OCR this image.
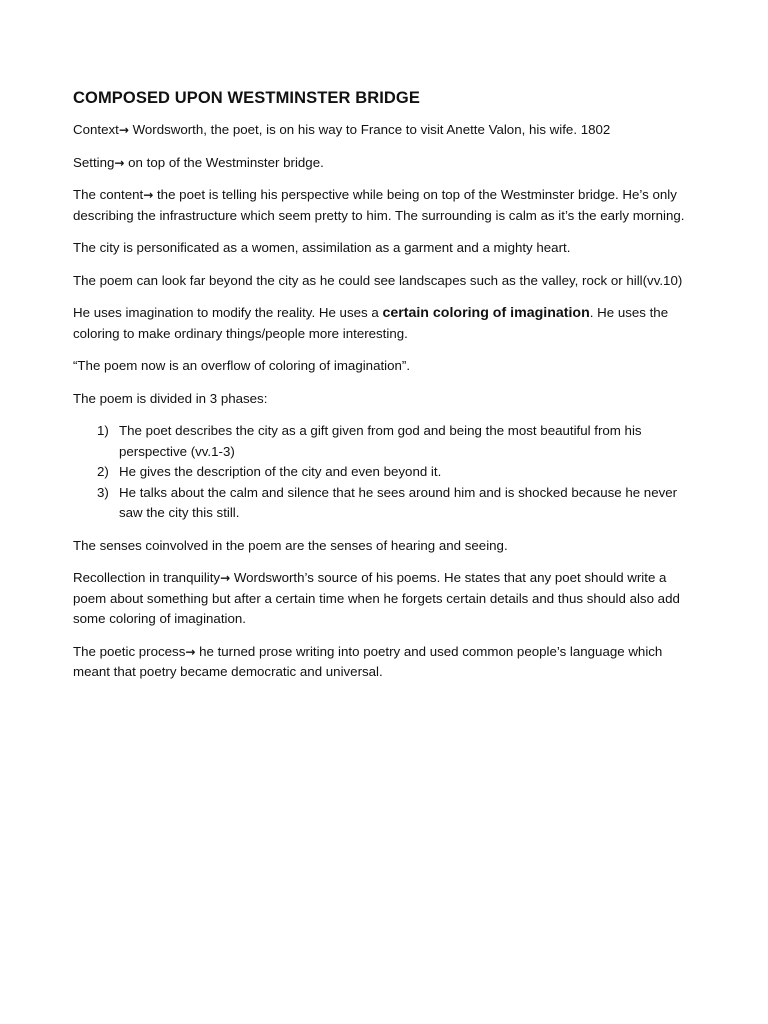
COMPOSED UPON WESTMINSTER BRIDGE

Context→ Wordsworth, the poet, is on his way to France to visit Anette Valon, his wife. 1802

Setting→ on top of the Westminster bridge.

The content→ the poet is telling his perspective while being on top of the Westminster bridge. He’s only describing the infrastructure which seem pretty to him. The surrounding is calm as it’s the early morning.

The city is personificated as a women, assimilation as a garment and a mighty heart.

The poem can look far beyond the city as he could see landscapes such as the valley, rock or hill(vv.10)

He uses imagination to modify the reality. He uses a certain coloring of imagination. He uses the coloring to make ordinary things/people more interesting.

“The poem now is an overflow of coloring of imagination”.

The poem is divided in 3 phases:

1) The poet describes the city as a gift given from god and being the most beautiful from his perspective (vv.1-3)
2) He gives the description of the city and even beyond it.
3) He talks about the calm and silence that he sees around him and is shocked because he never saw the city this still.

The senses coinvolved in the poem are the senses of hearing and seeing.

Recollection in tranquility→ Wordsworth’s source of his poems. He states that any poet should write a poem about something but after a certain time when he forgets certain details and thus should also add some coloring of imagination.

The poetic process→ he turned prose writing into poetry and used common people’s language which meant that poetry became democratic and universal.
